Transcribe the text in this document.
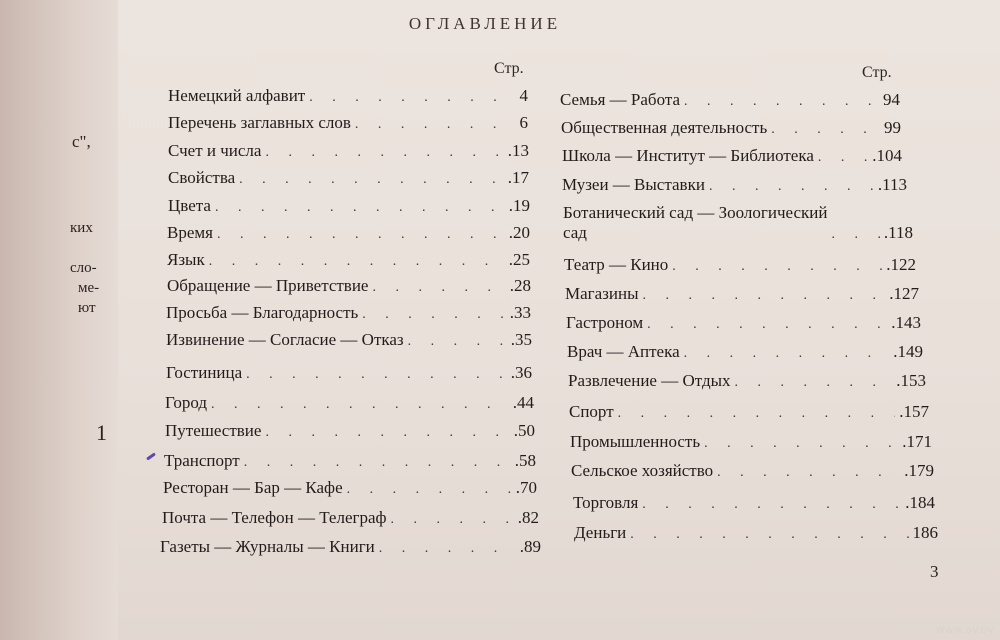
с",
ких
сло-
ме-
ют
1
ОГЛАВЛЕНИЕ
Стр.	Стр.
Немецкий алфавит . . .	4
Перечень заглавных слов . . .	6
Счет и числа . . .	.13
Свойства . . .	.17
Цвета . . .	.19
Время . . .	.20
Язык . . .	.25
Обращение — Приветствие . . .	.28
Просьба — Благодарность . . .	.33
Извинение — Согласие — Отказ . . .	.35
Гостиница . . .	.36
Город . . .	.44
Путешествие . . .	.50
Транспорт . . .	.58
Ресторан — Бар — Кафе . . .	.70
Почта — Телефон — Телеграф . . .	.82
Газеты — Журналы — Книги . . .	.89
Семья — Работа . . .	94
Общественная деятельность . . .	99
Школа — Институт — Библиотека . . .	.104
Музеи — Выставки . . .	.113
Ботанический сад — Зоологический
сад . . .	.118
Театр — Кино . . .	.122
Магазины . . .	.127
Гастроном . . .	.143
Врач — Аптека . . .	.149
Развлечение — Отдых . . .	.153
Спорт . . .	.157
Промышленность . . .	.171
Сельское хозяйство . . .	.179
Торговля . . .	.184
Деньги . . .	186
3
www.ay.by
